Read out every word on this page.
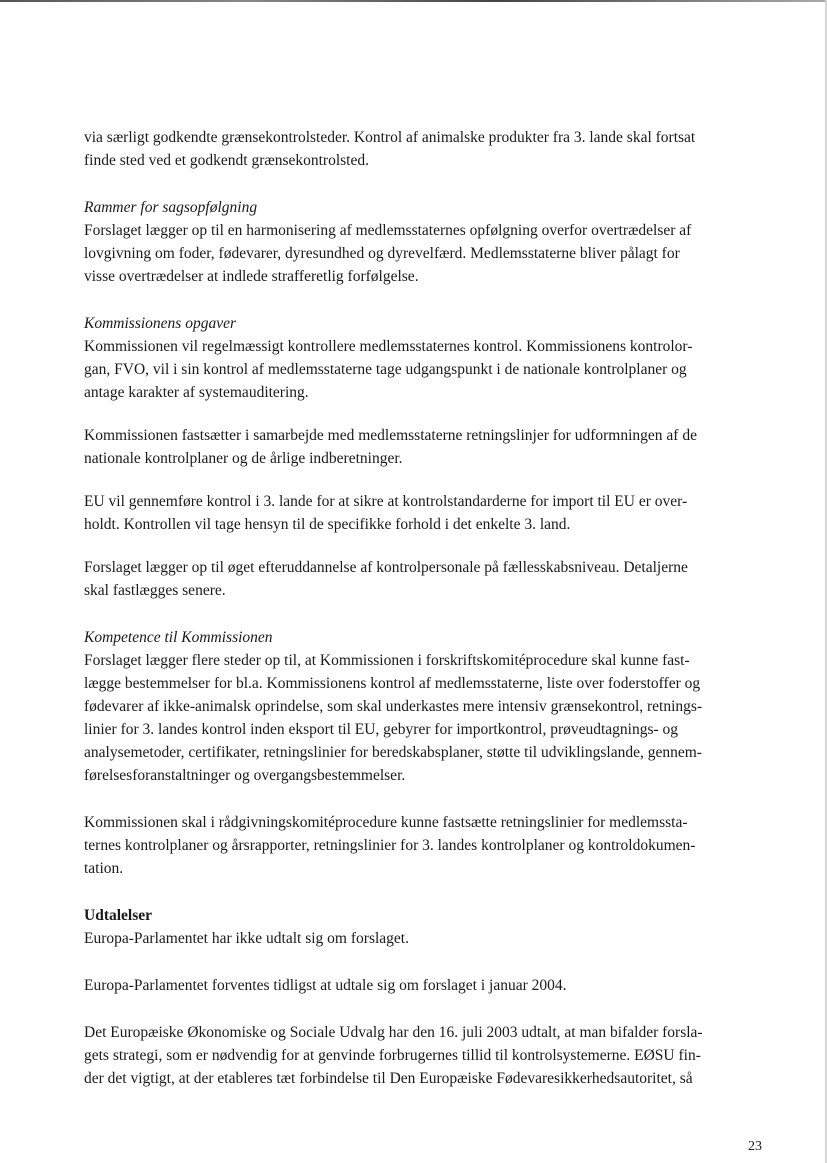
via særligt godkendte grænsekontrolsteder. Kontrol af animalske produkter fra 3. lande skal fortsat

finde sted ved et godkendt grænsekontrolsted.

Rammer for sagsopfølgning

Forslaget lægger op til en harmonisering af medlemsstaternes opfølgning overfor overtrædelser af

lovgivning om foder, fødevarer, dyresundhed og dyrevelfærd. Medlemsstaterne bliver pålagt for

visse overtrædelser at indlede strafferetlig forfølgelse.

Kommissionens opgaver

Kommissionen vil regelmæssigt kontrollere medlemsstaternes kontrol. Kommissionens kontrolor-

gan, FVO, vil i sin kontrol af medlemsstaterne tage udgangspunkt i de nationale kontrolplaner og

antage karakter af systemauditering.

Kommissionen fastsætter i samarbejde med medlemsstaterne retningslinjer for udformningen af de

nationale kontrolplaner og de årlige indberetninger.

EU vil gennemføre kontrol i 3. lande for at sikre at kontrolstandarderne for import til EU er over-

holdt. Kontrollen vil tage hensyn til de specifikke forhold i det enkelte 3. land.

Forslaget lægger op til øget efteruddannelse af kontrolpersonale på fællesskabsniveau. Detaljerne

skal fastlægges senere.

Kompetence til Kommissionen

Forslaget lægger flere steder op til, at Kommissionen i forskriftskomitéprocedure skal kunne fast-

lægge bestemmelser for bl.a. Kommissionens kontrol af medlemsstaterne, liste over foderstoffer og

fødevarer af ikke-animalsk oprindelse, som skal underkastes mere intensiv grænsekontrol, retnings-

linier for 3. landes kontrol inden eksport til EU, gebyrer for importkontrol, prøveudtagnings- og

analysemetoder, certifikater, retningslinier for beredskabsplaner, støtte til udviklingslande, gennem-

førelsesforanstaltninger og overgangsbestemmelser.

Kommissionen skal i rådgivningskomitéprocedure kunne fastsætte retningslinier for medlemssta-

ternes kontrolplaner og årsrapporter, retningslinier for 3. landes kontrolplaner og kontroldokumen-

tation.

Udtalelser

Europa-Parlamentet har ikke udtalt sig om forslaget.

Europa-Parlamentet forventes tidligst at udtale sig om forslaget i januar 2004.

Det Europæiske Økonomiske og Sociale Udvalg har den 16. juli 2003 udtalt, at man bifalder forsla-

gets strategi, som er nødvendig for at genvinde forbrugernes tillid til kontrolsystemerne. EØSU fin-

der det vigtigt, at der etableres tæt forbindelse til Den Europæiske Fødevaresikkerhedsautoritet, så

23
